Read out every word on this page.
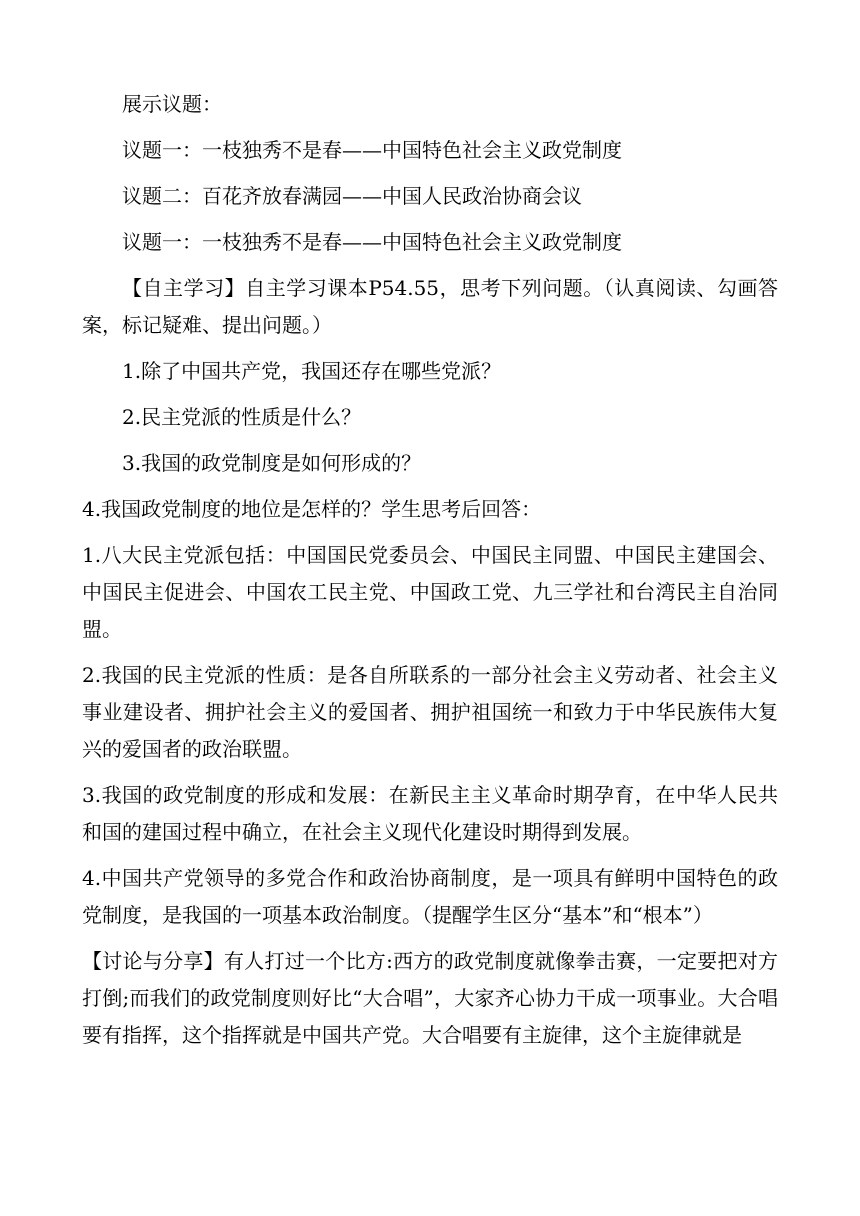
展示议题：

议题一：一枝独秀不是春——中国特色社会主义政党制度

议题二：百花齐放春满园——中国人民政治协商会议

议题一：一枝独秀不是春——中国特色社会主义政党制度

【自主学习】自主学习课本P54.55，思考下列问题。（认真阅读、勾画答案，标记疑难、提出问题。）

1.除了中国共产党，我国还存在哪些党派？

2.民主党派的性质是什么？

3.我国的政党制度是如何形成的？

4.我国政党制度的地位是怎样的？学生思考后回答：

1.八大民主党派包括：中国国民党委员会、中国民主同盟、中国民主建国会、中国民主促进会、中国农工民主党、中国政工党、九三学社和台湾民主自治同盟。

2.我国的民主党派的性质：是各自所联系的一部分社会主义劳动者、社会主义事业建设者、拥护社会主义的爱国者、拥护祖国统一和致力于中华民族伟大复兴的爱国者的政治联盟。

3.我国的政党制度的形成和发展：在新民主主义革命时期孕育，在中华人民共和国的建国过程中确立，在社会主义现代化建设时期得到发展。

4.中国共产党领导的多党合作和政治协商制度，是一项具有鲜明中国特色的政党制度，是我国的一项基本政治制度。（提醒学生区分“基本”和“根本”）

【讨论与分享】有人打过一个比方:西方的政党制度就像拳击赛，一定要把对方打倒;而我们的政党制度则好比“大合唱”，大家齐心协力干成一项事业。大合唱要有指挥，这个指挥就是中国共产党。大合唱要有主旋律，这个主旋律就是
